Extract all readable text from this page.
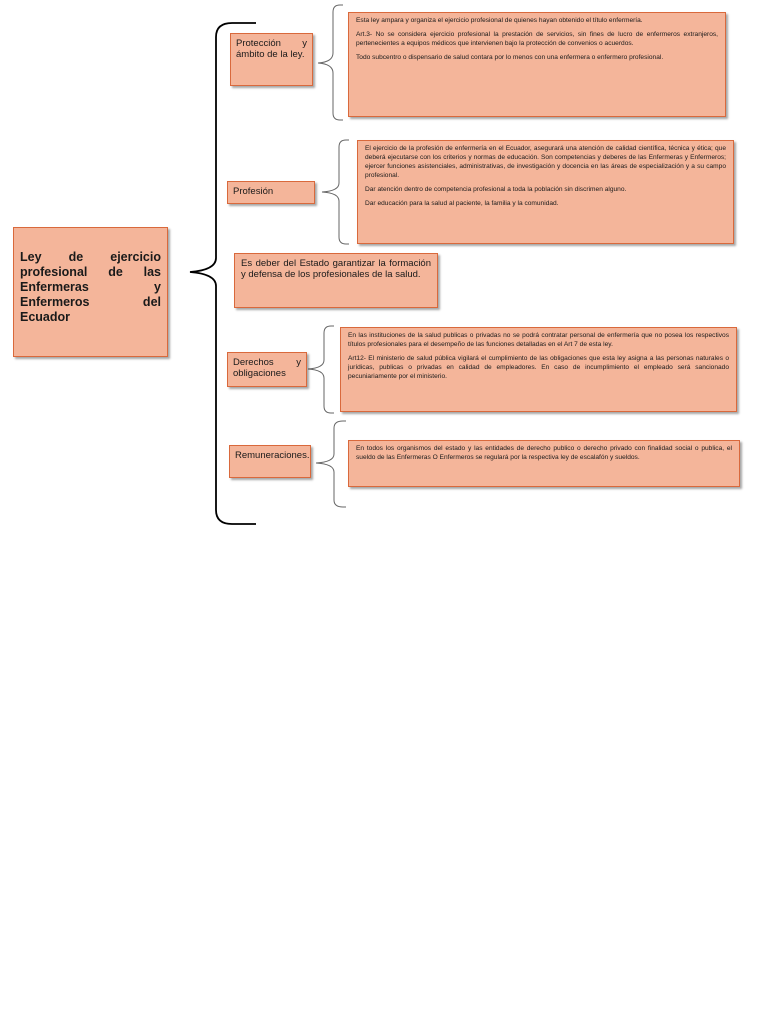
Ley de ejercicio profesional de las Enfermeras y Enfermeros del Ecuador
Protección y ámbito de la ley.

Esta ley ampara y organiza el ejercicio profesional de quienes hayan obtenido el título enfermería.

Art.3- No se considera ejercicio profesional la prestación de servicios, sin fines de lucro de enfermeros extranjeros, pertenecientes a equipos médicos que intervienen bajo la protección de convenios o acuerdos.

Todo subcentro o dispensario de salud contara por lo menos con una enfermera o enfermero profesional.

Profesión

El ejercicio de la profesión de enfermería en el Ecuador, asegurará una atención de calidad científica, técnica y ética; que deberá ejecutarse con los criterios y normas de educación. Son competencias y deberes de las Enfermeras y Enfermeros; ejercer funciones asistenciales, administrativas, de investigación y docencia en las áreas de especialización y a su campo profesional.

Dar atención dentro de competencia profesional a toda la población sin discrimen alguno.

Dar educación para la salud al paciente, la familia y la comunidad.

Es deber del Estado garantizar la formación y defensa de los profesionales de la salud.
Derechos y obligaciones

En las instituciones de la salud publicas o privadas no se podrá contratar personal de enfermería que no posea los respectivos títulos profesionales para el desempeño de las funciones detalladas en el Art 7 de esta ley.

Art12- El ministerio de salud pública vigilará el cumplimiento de las obligaciones que esta ley asigna a las personas naturales o jurídicas, publicas o privadas en calidad de empleadores. En caso de incumplimiento el empleado será sancionado pecuniariamente por el ministerio.

Remuneraciones.

En todos los organismos del estado y las entidades de derecho publico o derecho privado con finalidad social o publica, el sueldo de las Enfermeras O Enfermeros se regulará por la respectiva ley de escalafón y sueldos.
